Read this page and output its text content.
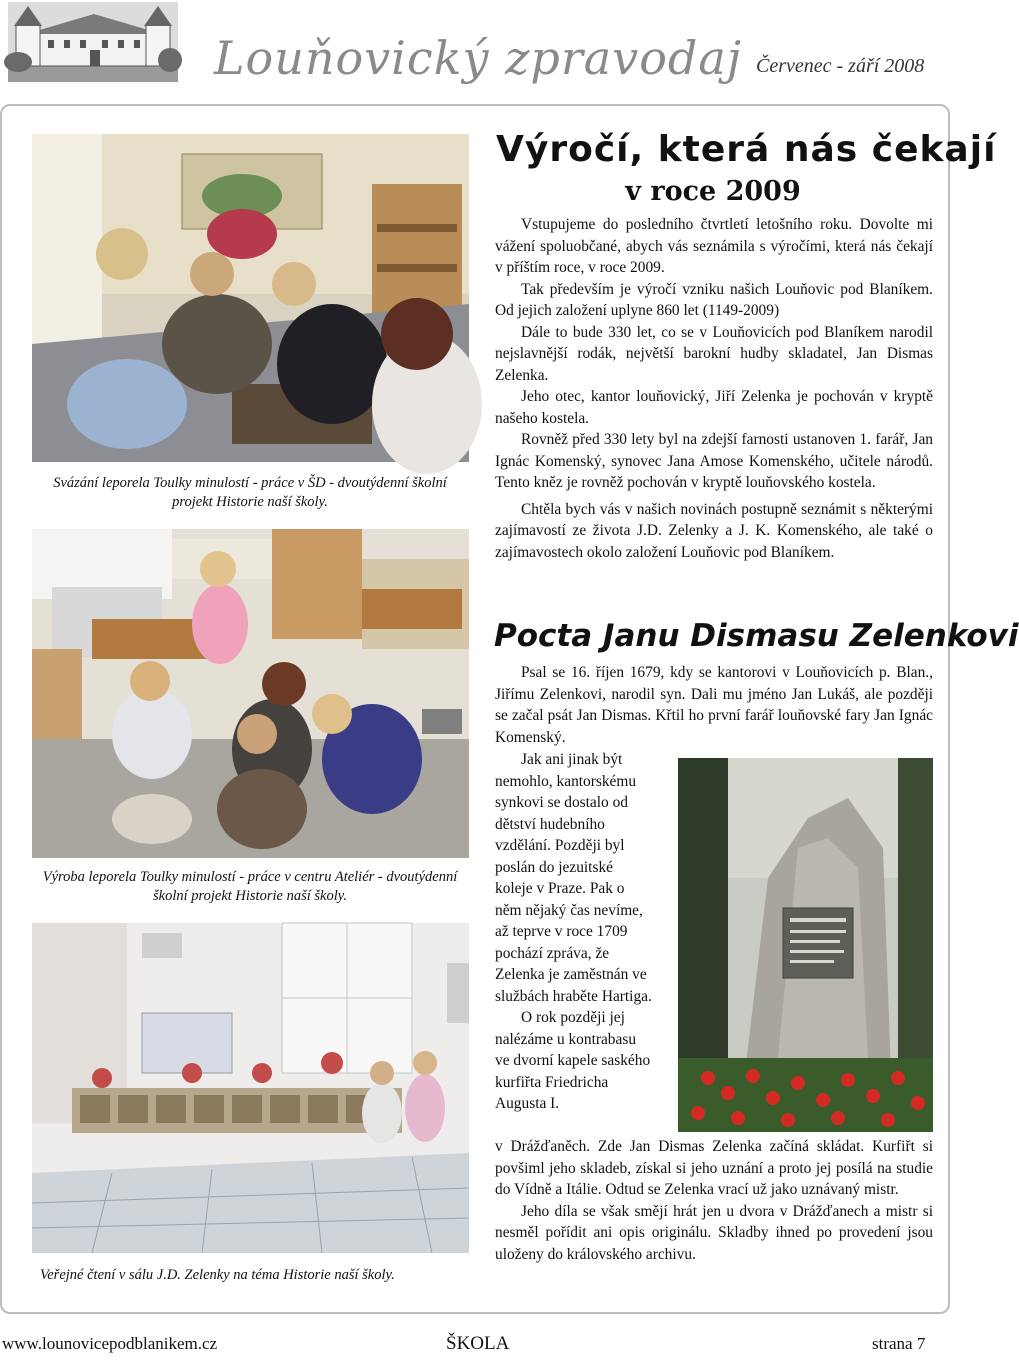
Louňovický zpravodaj Červenec - září 2008
Svázání leporela Toulky minulostí - práce v ŠD - dvoutýdenní školní projekt Historie naší školy.
Výroba leporela Toulky minulostí - práce v centru Ateliér - dvoutýdenní školní projekt Historie naší školy.
Veřejné čtení v sálu J.D. Zelenky na téma Historie naší školy.
Výročí, která nás čekají
v roce 2009

Vstupujeme do posledního čtvrtletí letošního roku. Dovolte mi vážení spoluobčané, abych vás seznámila s výročími, která nás čekají v příštím roce, v roce 2009.

Tak především je výročí vzniku našich Louňovic pod Blaníkem. Od jejich založení uplyne 860 let (1149-2009)

Dále to bude 330 let, co se v Louňovicích pod Blaníkem narodil nejslavnější rodák, největší barokní hudby skladatel, Jan Dismas Zelenka.

Jeho otec, kantor louňovický, Jiří Zelenka je pochován v kryptě našeho kostela.

Rovněž před 330 lety byl na zdejší farnosti ustanoven 1. farář, Jan Ignác Komenský, synovec Jana Amose Komenského, učitele národů. Tento kněz je rovněž pochován v kryptě louňovského kostela.

Chtěla bych vás v našich novinách postupně seznámit s některými zajímavostí ze života J.D. Zelenky a J. K. Komenského, ale také o zajímavostech okolo založení Louňovic pod Blaníkem.

Pocta Janu Dismasu Zelenkovi

Psal se 16. říjen 1679, kdy se kantorovi v Louňovicích p. Blan., Jiřímu Zelenkovi, narodil syn. Dali mu jméno Jan Lukáš, ale později se začal psát Jan Dismas. Křtil ho první farář louňovské fary Jan Ignác Komenský.

Jak ani jinak být nemohlo, kantorskému synkovi se dostalo od dětství hudebního vzdělání. Později byl poslán do jezuitské koleje v Praze. Pak o něm nějaký čas nevíme, až teprve v roce 1709 pochází zpráva, že Zelenka je zaměstnán ve službách hraběte Hartiga.

O rok později jej nalézáme u kontrabasu ve dvorní kapele saského kurfiřta Friedricha Augusta I.

v Drážďaněch. Zde Jan Dismas Zelenka začíná skládat. Kurfiřt si povšiml jeho skladeb, získal si jeho uznání a proto jej posílá na studie do Vídně a Itálie. Odtud se Zelenka vrací už jako uznávaný mistr.

Jeho díla se však smějí hrát jen u dvora v Drážďanech a mistr si nesměl pořídit ani opis originálu. Skladby ihned po provedení jsou uloženy do královského archivu.

www.lounovicepodblanikem.cz	ŠKOLA	strana 7
